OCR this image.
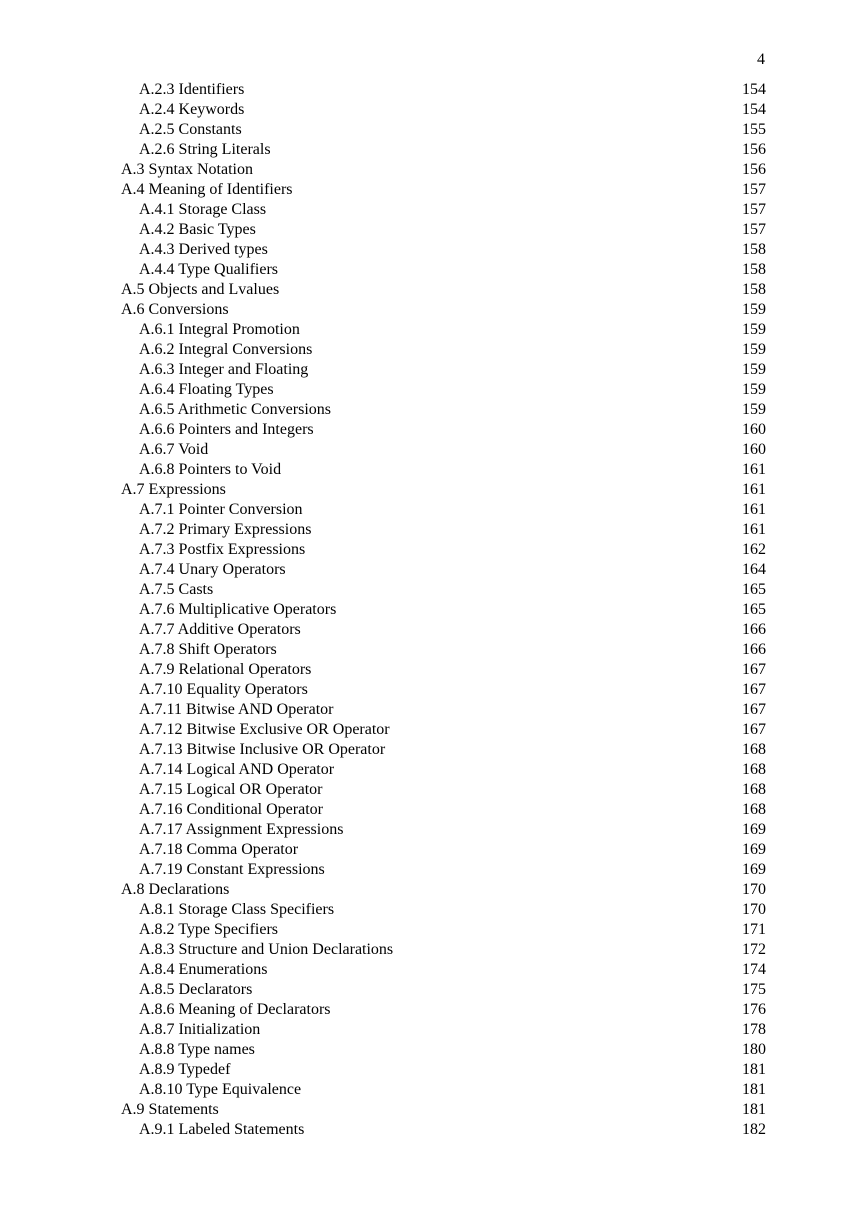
4
A.2.3 Identifiers	154
A.2.4 Keywords	154
A.2.5 Constants	155
A.2.6 String Literals	156
A.3 Syntax Notation	156
A.4 Meaning of Identifiers	157
A.4.1 Storage Class	157
A.4.2 Basic Types	157
A.4.3 Derived types	158
A.4.4 Type Qualifiers	158
A.5 Objects and Lvalues	158
A.6 Conversions	159
A.6.1 Integral Promotion	159
A.6.2 Integral Conversions	159
A.6.3 Integer and Floating	159
A.6.4 Floating Types	159
A.6.5 Arithmetic Conversions	159
A.6.6 Pointers and Integers	160
A.6.7 Void	160
A.6.8 Pointers to Void	161
A.7 Expressions	161
A.7.1 Pointer Conversion	161
A.7.2 Primary Expressions	161
A.7.3 Postfix Expressions	162
A.7.4 Unary Operators	164
A.7.5 Casts	165
A.7.6 Multiplicative Operators	165
A.7.7 Additive Operators	166
A.7.8 Shift Operators	166
A.7.9 Relational Operators	167
A.7.10 Equality Operators	167
A.7.11 Bitwise AND Operator	167
A.7.12 Bitwise Exclusive OR Operator	167
A.7.13 Bitwise Inclusive OR Operator	168
A.7.14 Logical AND Operator	168
A.7.15 Logical OR Operator	168
A.7.16 Conditional Operator	168
A.7.17 Assignment Expressions	169
A.7.18 Comma Operator	169
A.7.19 Constant Expressions	169
A.8 Declarations	170
A.8.1 Storage Class Specifiers	170
A.8.2 Type Specifiers	171
A.8.3 Structure and Union Declarations	172
A.8.4 Enumerations	174
A.8.5 Declarators	175
A.8.6 Meaning of Declarators	176
A.8.7 Initialization	178
A.8.8 Type names	180
A.8.9 Typedef	181
A.8.10 Type Equivalence	181
A.9 Statements	181
A.9.1 Labeled Statements	182
